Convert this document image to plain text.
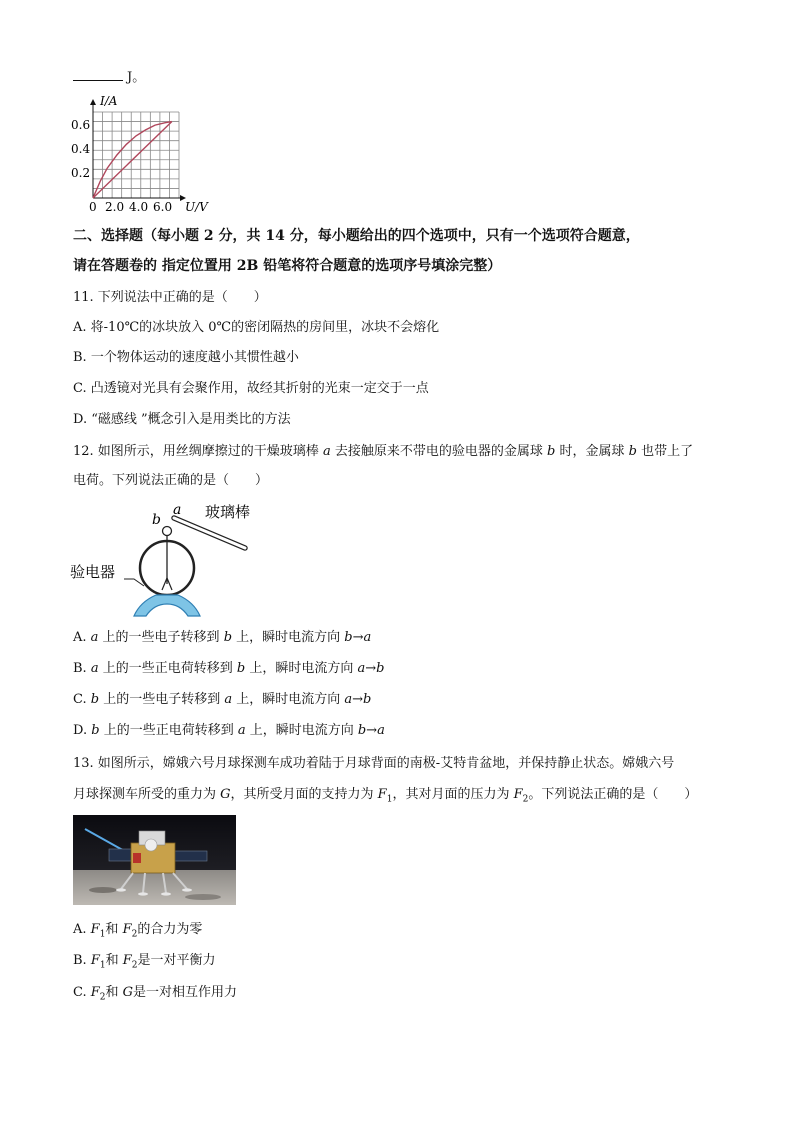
J。
I/A
U/V
0.6
0.4
0.2
0 2.0 4.0 6.0
二、选择题（每小题 2 分，共 14 分，每小题给出的四个选项中，只有一个选项符合题意，
请在答题卷的 指定位置用 2B 铅笔将符合题意的选项序号填涂完整）
11. 下列说法中正确的是（　　）
A. 将-10℃的冰块放入 0℃的密闭隔热的房间里，冰块不会熔化
B. 一个物体运动的速度越小其惯性越小
C. 凸透镜对光具有会聚作用，故经其折射的光束一定交于一点
D. “磁感线 ”概念引入是用类比的方法
12. 如图所示，用丝绸摩擦过的干燥玻璃棒 a 去接触原来不带电的验电器的金属球 b 时，金属球 b 也带上了
电荷。下列说法正确的是（　　）
a
b	玻璃棒
验电器
A. a 上的一些电子转移到 b 上，瞬时电流方向 b→a
B. a 上的一些正电荷转移到 b 上，瞬时电流方向 a→b
C. b 上的一些电子转移到 a 上，瞬时电流方向 a→b
D. b 上的一些正电荷转移到 a 上，瞬时电流方向 b→a
13. 如图所示，嫦娥六号月球探测车成功着陆于月球背面的南极-艾特肯盆地，并保持静止状态。嫦娥六号
月球探测车所受的重力为 G，其所受月面的支持力为 $F_1$，其对月面的压力为 $F_2$。下列说法正确的是（　　）
A. $F_1$和 $F_2$的合力为零
B. $F_1$和 $F_2$是一对平衡力
C. $F_2$和 G是一对相互作用力
